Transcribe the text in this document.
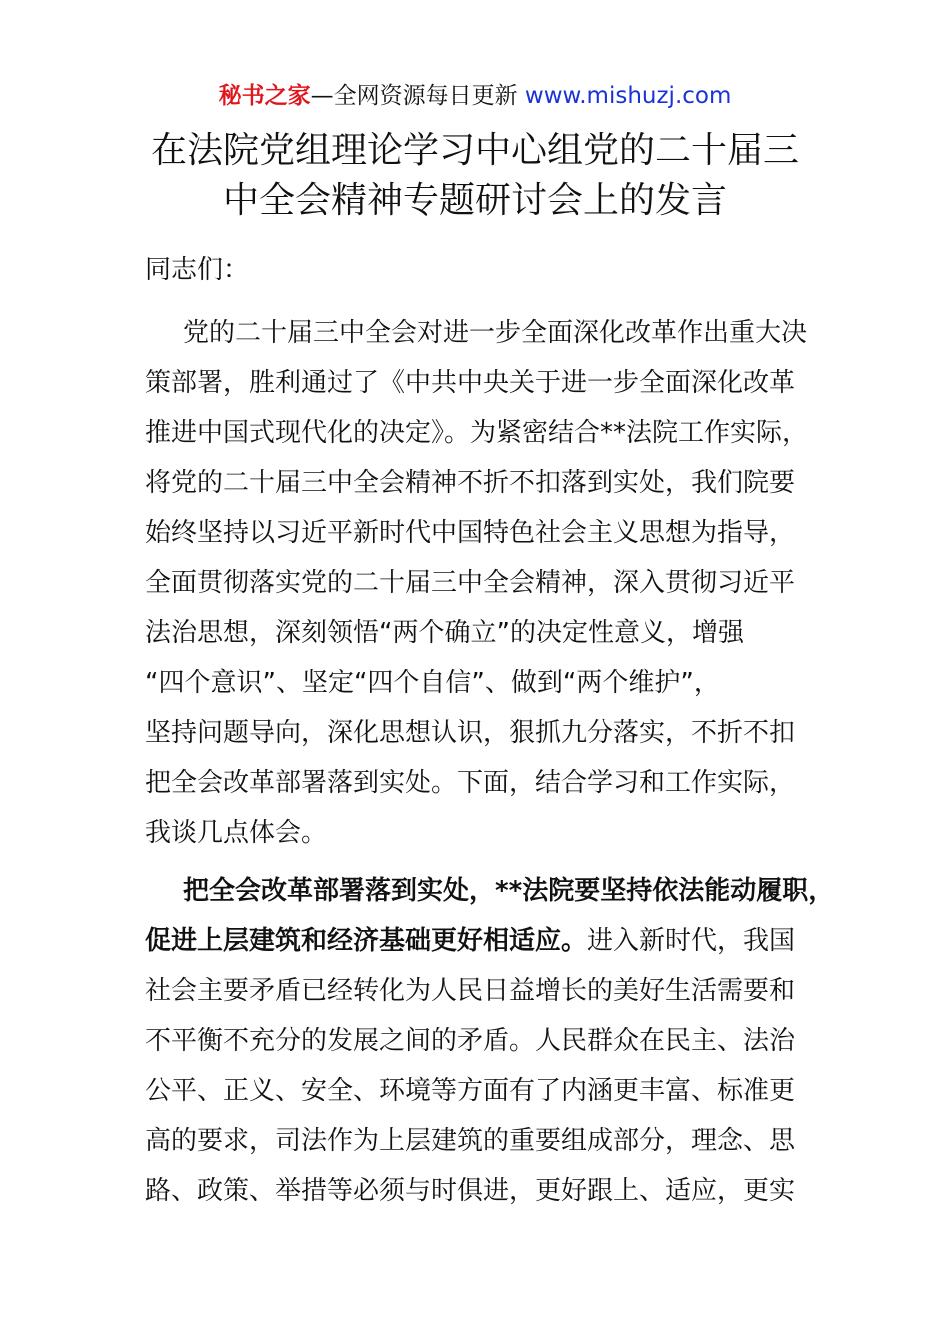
秘书之家—全网资源每日更新 www.mishuzj.com
在法院党组理论学习中心组党的二十届三
中全会精神专题研讨会上的发言
同志们：
党的二十届三中全会对进一步全面深化改革作出重大决
策部署，胜利通过了《中共中央关于进一步全面深化改革
推进中国式现代化的决定》。为紧密结合**法院工作实际，
将党的二十届三中全会精神不折不扣落到实处，我们院要
始终坚持以习近平新时代中国特色社会主义思想为指导，
全面贯彻落实党的二十届三中全会精神，深入贯彻习近平
法治思想，深刻领悟“两个确立”的决定性意义，增强
“四个意识”、坚定“四个自信”、做到“两个维护”，
坚持问题导向，深化思想认识，狠抓九分落实，不折不扣
把全会改革部署落到实处。下面，结合学习和工作实际，
我谈几点体会。
把全会改革部署落到实处，**法院要坚持依法能动履职，
促进上层建筑和经济基础更好相适应。进入新时代，我国
社会主要矛盾已经转化为人民日益增长的美好生活需要和
不平衡不充分的发展之间的矛盾。人民群众在民主、法治
公平、正义、安全、环境等方面有了内涵更丰富、标准更
高的要求，司法作为上层建筑的重要组成部分，理念、思
路、政策、举措等必须与时俱进，更好跟上、适应，更实
